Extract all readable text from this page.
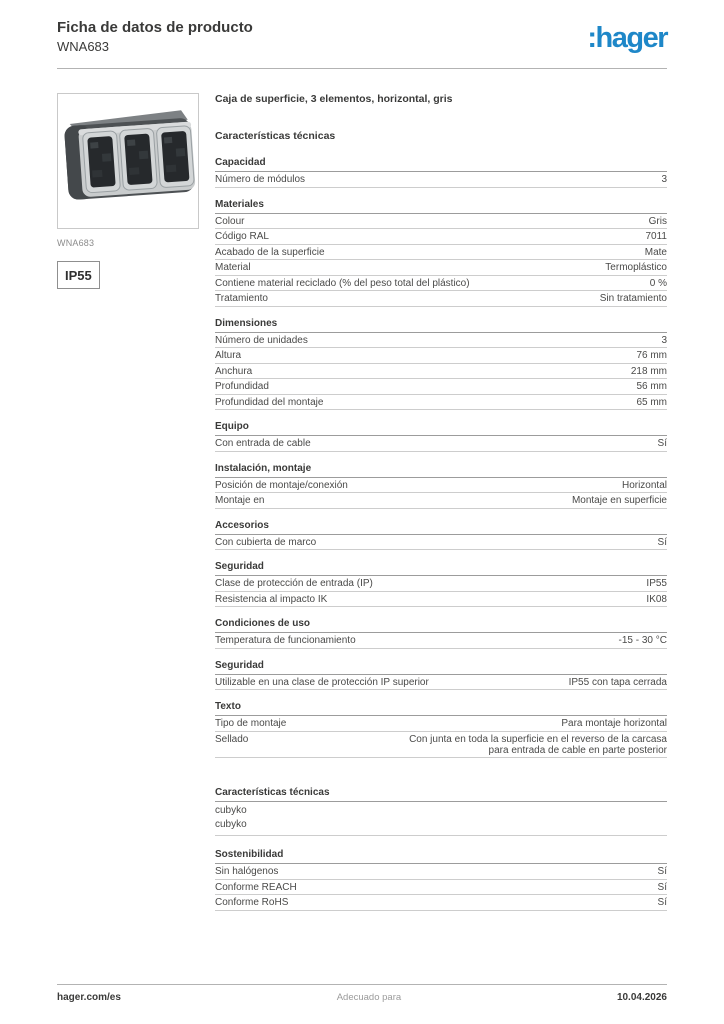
Ficha de datos de producto
WNA683	:hager
WNA683
IP55
Caja de superficie, 3 elementos, horizontal, gris
Características técnicas
Capacidad
Número de módulos	3
Materiales
Colour	Gris
Código RAL	7011
Acabado de la superficie	Mate
Material	Termoplástico
Contiene material reciclado (% del peso total del plástico)	0 %
Tratamiento	Sin tratamiento
Dimensiones
Número de unidades	3
Altura	76 mm
Anchura	218 mm
Profundidad	56 mm
Profundidad del montaje	65 mm
Equipo
Con entrada de cable	Sí
Instalación, montaje
Posición de montaje/conexión	Horizontal
Montaje en	Montaje en superficie
Accesorios
Con cubierta de marco	Sí
Seguridad
Clase de protección de entrada (IP)	IP55
Resistencia al impacto IK	IK08
Condiciones de uso
Temperatura de funcionamiento	-15 - 30 °C
Seguridad
Utilizable en una clase de protección IP superior	IP55 con tapa cerrada
Texto
Tipo de montaje	Para montaje horizontal
Sellado	Con junta en toda la superficie en el reverso de la carcasa para entrada de cable en parte posterior
Características técnicas
cubyko
cubyko
Sostenibilidad
Sin halógenos	Sí
Conforme REACH	Sí
Conforme RoHS	Sí
hager.com/es	Adecuado para	10.04.2026
